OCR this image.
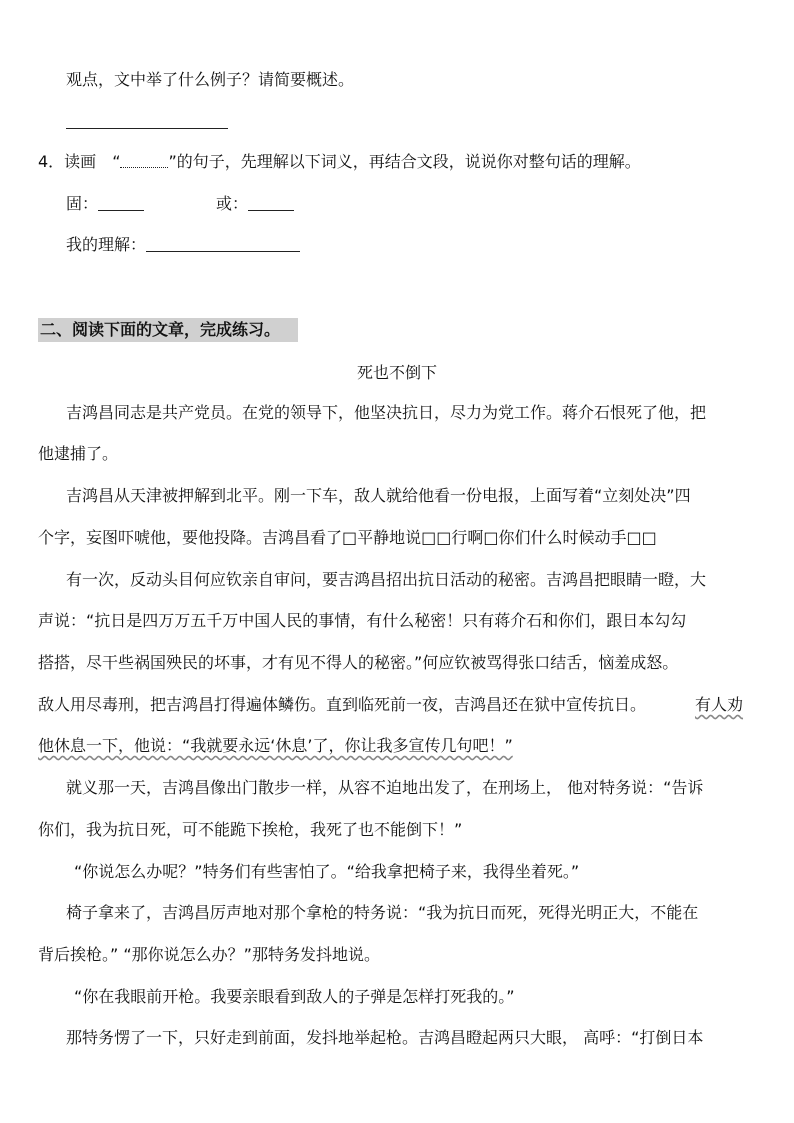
观点，文中举了什么例子？请简要概述。
4．读画 “	”的句子，先理解以下词义，再结合文段，说说你对整句话的理解。
固：	或：
我的理解：
二、阅读下面的文章，完成练习。
死也不倒下
吉鸿昌同志是共产党员。在党的领导下，他坚决抗日，尽力为党工作。蒋介石恨死了他，把
他逮捕了。
吉鸿昌从天津被押解到北平。刚一下车，敌人就给他看一份电报，上面写着“立刻处决”四
个字，妄图吓唬他，要他投降。吉鸿昌看了□平静地说□□行啊□你们什么时候动手□□
有一次，反动头目何应钦亲自审问，要吉鸿昌招出抗日活动的秘密。吉鸿昌把眼睛一瞪，大
声说：“抗日是四万万五千万中国人民的事情，有什么秘密！只有蒋介石和你们，跟日本勾勾
搭搭，尽干些祸国殃民的坏事，才有见不得人的秘密。”何应钦被骂得张口结舌，恼羞成怒。
敌人用尽毒刑，把吉鸿昌打得遍体鳞伤。直到临死前一夜，吉鸿昌还在狱中宣传抗日。	有人劝
他休息一下，他说：“我就要永远‘休息’了，你让我多宣传几句吧！”
就义那一天，吉鸿昌像出门散步一样，从容不迫地出发了，在刑场上， 他对特务说：“告诉
你们，我为抗日死，可不能跪下挨枪，我死了也不能倒下！”
“你说怎么办呢？”特务们有些害怕了。“给我拿把椅子来，我得坐着死。”
椅子拿来了，吉鸿昌厉声地对那个拿枪的特务说：“我为抗日而死，死得光明正大，不能在
背后挨枪。” “那你说怎么办？”那特务发抖地说。
“你在我眼前开枪。我要亲眼看到敌人的子弹是怎样打死我的。”
那特务愣了一下，只好走到前面，发抖地举起枪。吉鸿昌瞪起两只大眼， 高呼：“打倒日本
